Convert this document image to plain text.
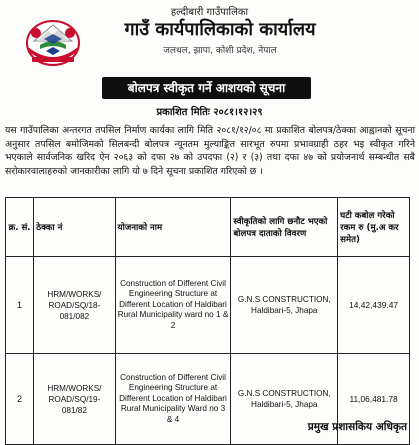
हल्दीबारी गाउँपालिका
गाउँ कार्यपालिकाको कार्यालय
जलथल, झापा, कोशी प्रदेश, नेपाल
बोलपत्र स्वीकृत गर्ने आशयको सूचना
प्रकाशित मितिः २०८१।१२।२९
यस गाउँपालिका अन्तरगत तपसिल निर्माण कार्यका लागि मिति २०८१/१२/०८ मा प्रकाशित बोलपत्र/ठेक्का आह्वानको सूचना अनुसार तपसिल बमोजिमको सिलबन्दी बोलपत्र न्यूनतम मुल्याङ्कित सारभूत रुपमा प्रभावग्राही ठहर भइ स्वीकृत गरिने भएकाले सार्वजनिक खरिद ऐन २०६३ को दफा २७ को उपदफा (२) र (३) तथा दफा ४७ को प्रयोजनार्थ सम्बन्धीत सबै सरोकारवालाहरुको जानकारीका लागि यो ७ दिने सूचना प्रकाशित गरिएको छ ।
क्र. सं.	ठेक्का नं	योजनाको नाम	स्वीकृतिको लागि छनौट भएको बोलपत्र दाताको विवरण	घटी कबोल गरेको रकम रु (मु.अ कर समेत)
1	HRM/WORKS/ ROAD/SQ/18- 081/082	Construction of Different Civil Engineering Structure at Different Location of Haldibari Rural Municipality ward no 1 & 2	G.N.S CONSTRUCTION, Haldibari-5, Jhapa	14,42,439.47
2	HRM/WORKS/ ROAD/SQ/19- 081/82	Construction of Different Civil Engineering Structure at Different Location of Haldibari Rural Municipality Ward no 3 & 4	G.N.S CONSTRUCTION, Haldibari-5, Jhapa	11,06,481.78
प्रमुख प्रशासकिय अधिकृत
